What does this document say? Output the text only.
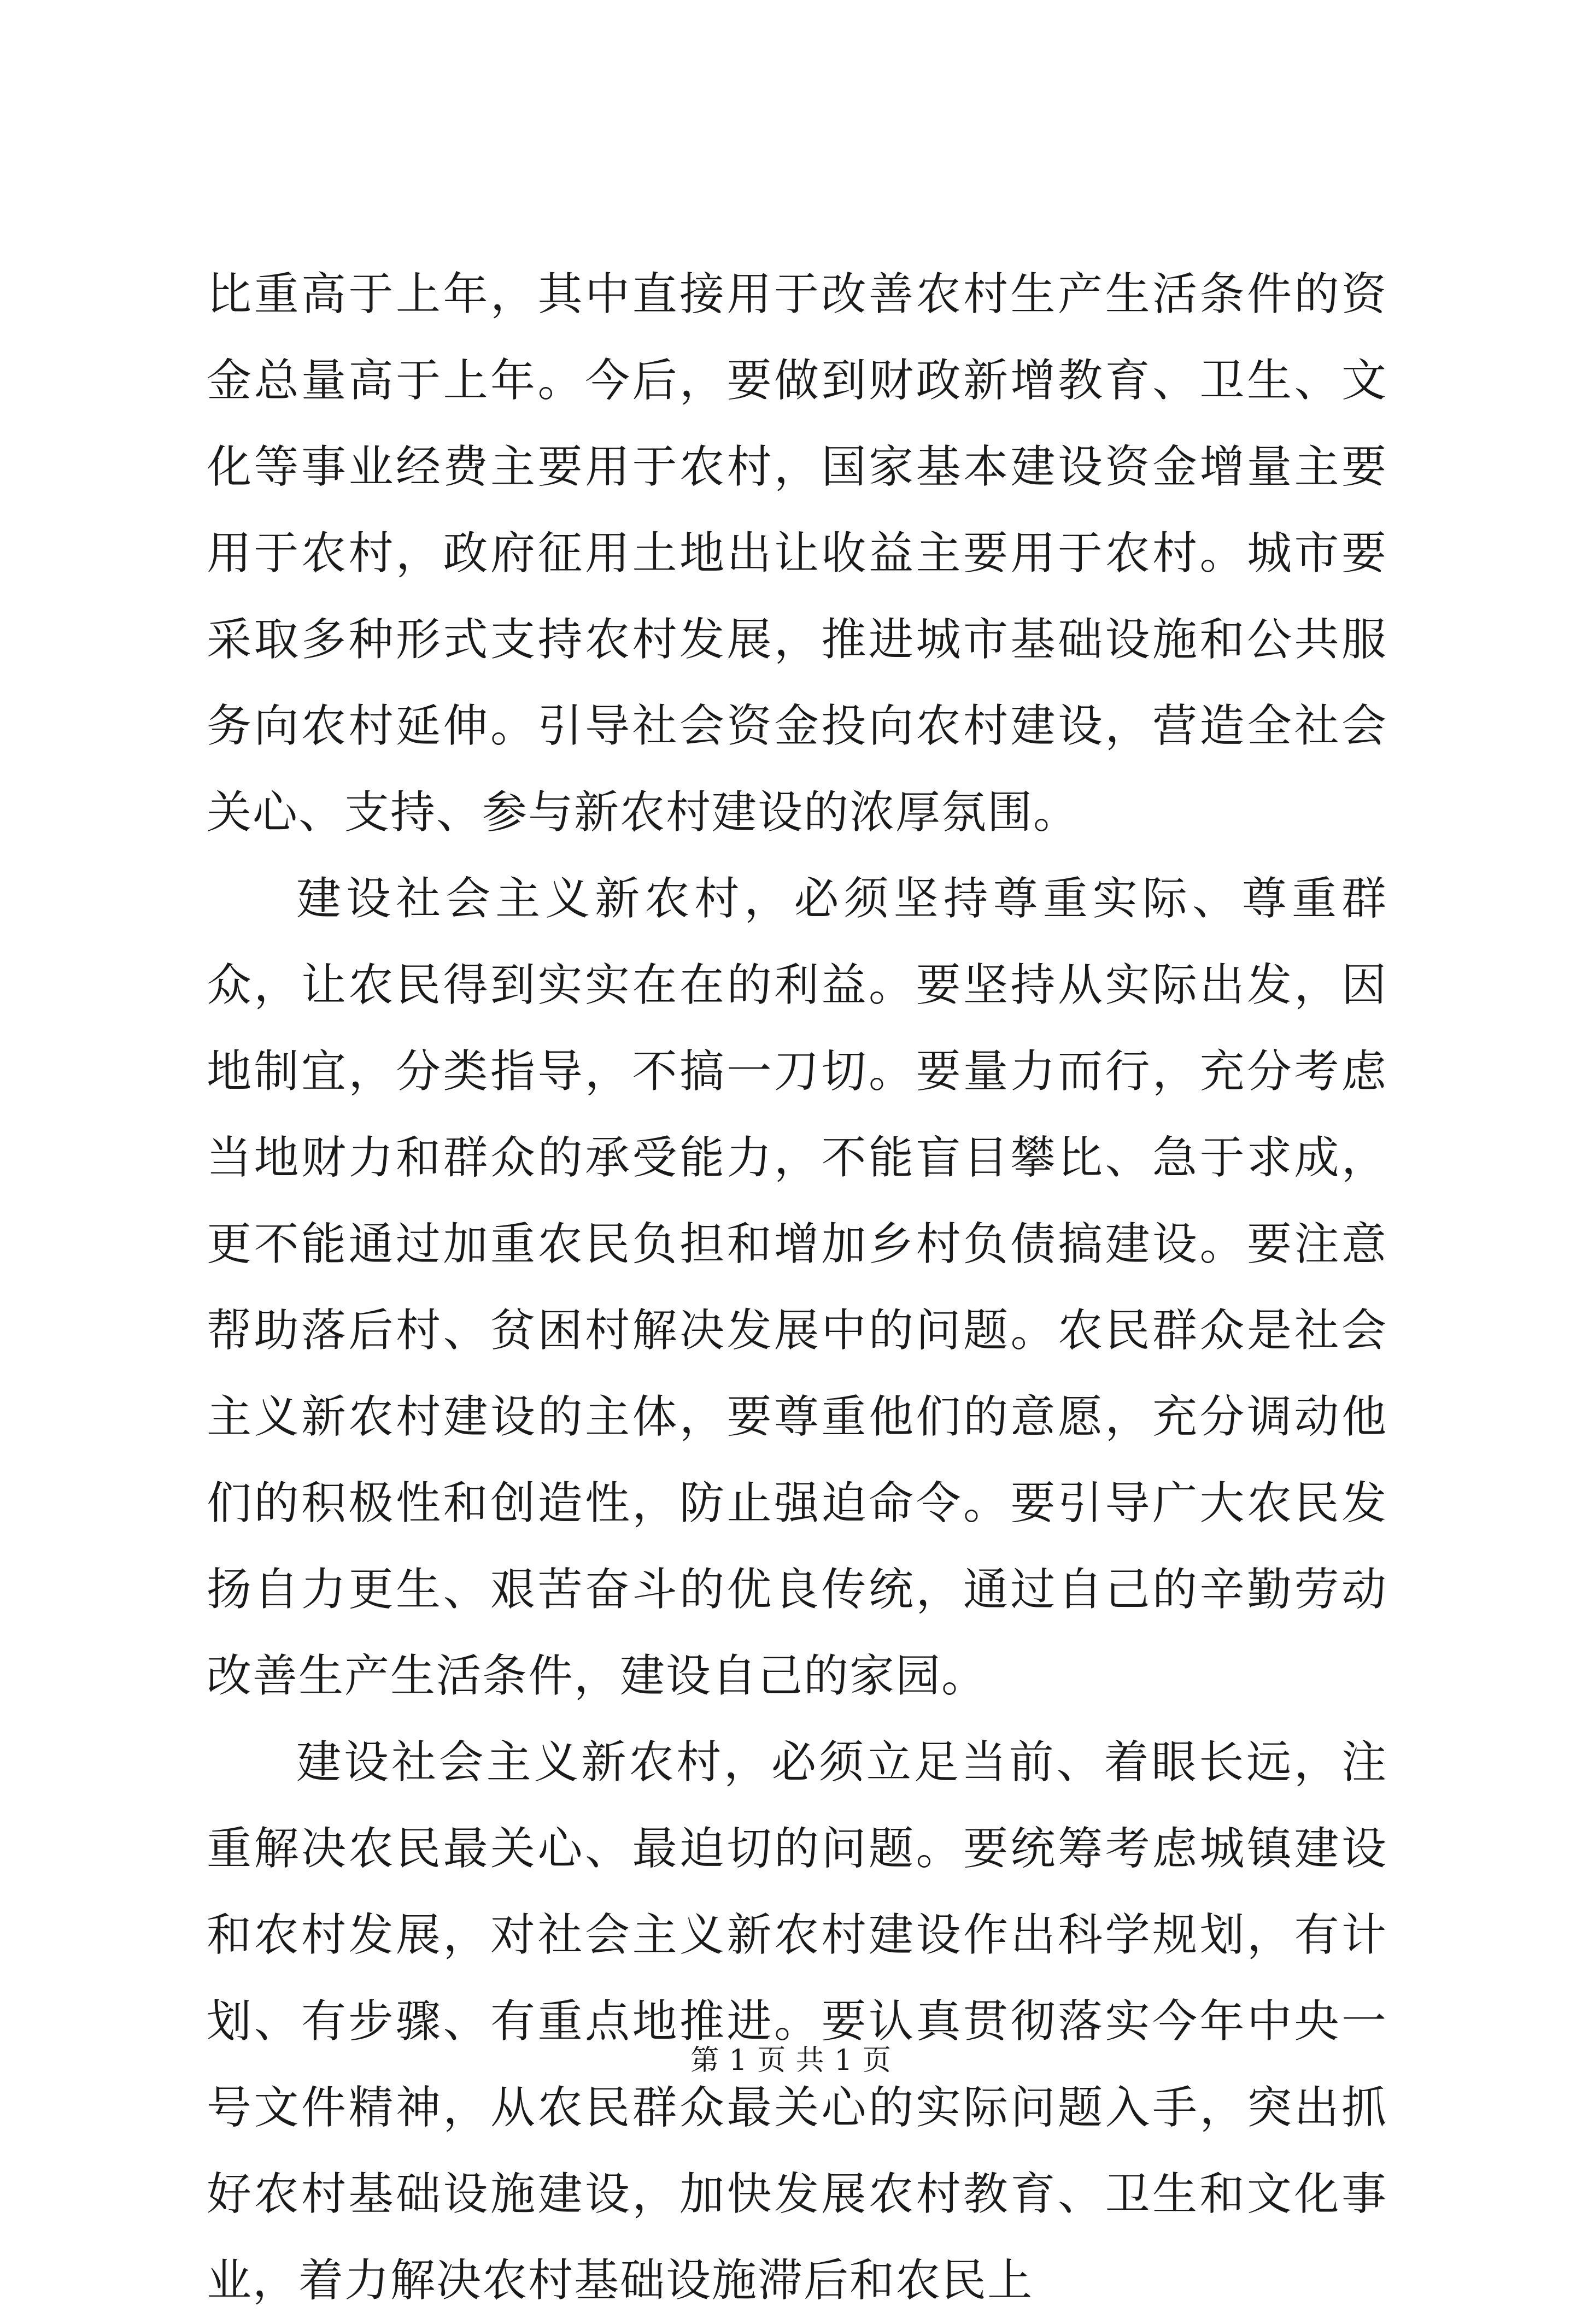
比重高于上年，其中直接用于改善农村生产生活条件的资金总量高于上年。今后，要做到财政新增教育、卫生、文化等事业经费主要用于农村，国家基本建设资金增量主要用于农村，政府征用土地出让收益主要用于农村。城市要采取多种形式支持农村发展，推进城市基础设施和公共服务向农村延伸。引导社会资金投向农村建设，营造全社会关心、支持、参与新农村建设的浓厚氛围。

建设社会主义新农村，必须坚持尊重实际、尊重群众，让农民得到实实在在的利益。要坚持从实际出发，因地制宜，分类指导，不搞一刀切。要量力而行，充分考虑当地财力和群众的承受能力，不能盲目攀比、急于求成，更不能通过加重农民负担和增加乡村负债搞建设。要注意帮助落后村、贫困村解决发展中的问题。农民群众是社会主义新农村建设的主体，要尊重他们的意愿，充分调动他们的积极性和创造性，防止强迫命令。要引导广大农民发扬自力更生、艰苦奋斗的优良传统，通过自己的辛勤劳动改善生产生活条件，建设自己的家园。

建设社会主义新农村，必须立足当前、着眼长远，注重解决农民最关心、最迫切的问题。要统筹考虑城镇建设和农村发展，对社会主义新农村建设作出科学规划，有计划、有步骤、有重点地推进。要认真贯彻落实今年中央一号文件精神，从农民群众最关心的实际问题入手，突出抓好农村基础设施建设，加快发展农村教育、卫生和文化事业，着力解决农村基础设施滞后和农民上

第 1 页 共 1 页
